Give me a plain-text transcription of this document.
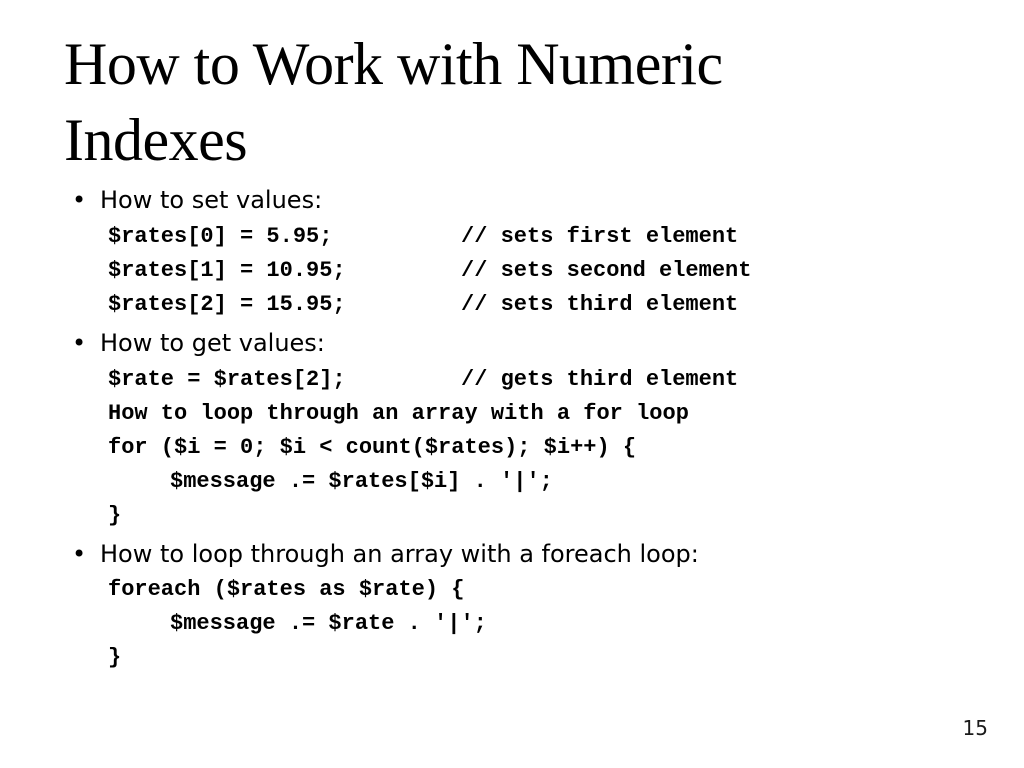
How to Work with Numeric
Indexes
• How to set values:
$rates[0] = 5.95;	// sets first element
$rates[1] = 10.95;	// sets second element
$rates[2] = 15.95;	// sets third element
• How to get values:
$rate = $rates[2];	// gets third element
How to loop through an array with a for loop
for ($i = 0; $i < count($rates); $i++) {
$message .= $rates[$i] . '|';
}
• How to loop through an array with a foreach loop:
foreach ($rates as $rate) {
$message .= $rate . '|';
}
15
